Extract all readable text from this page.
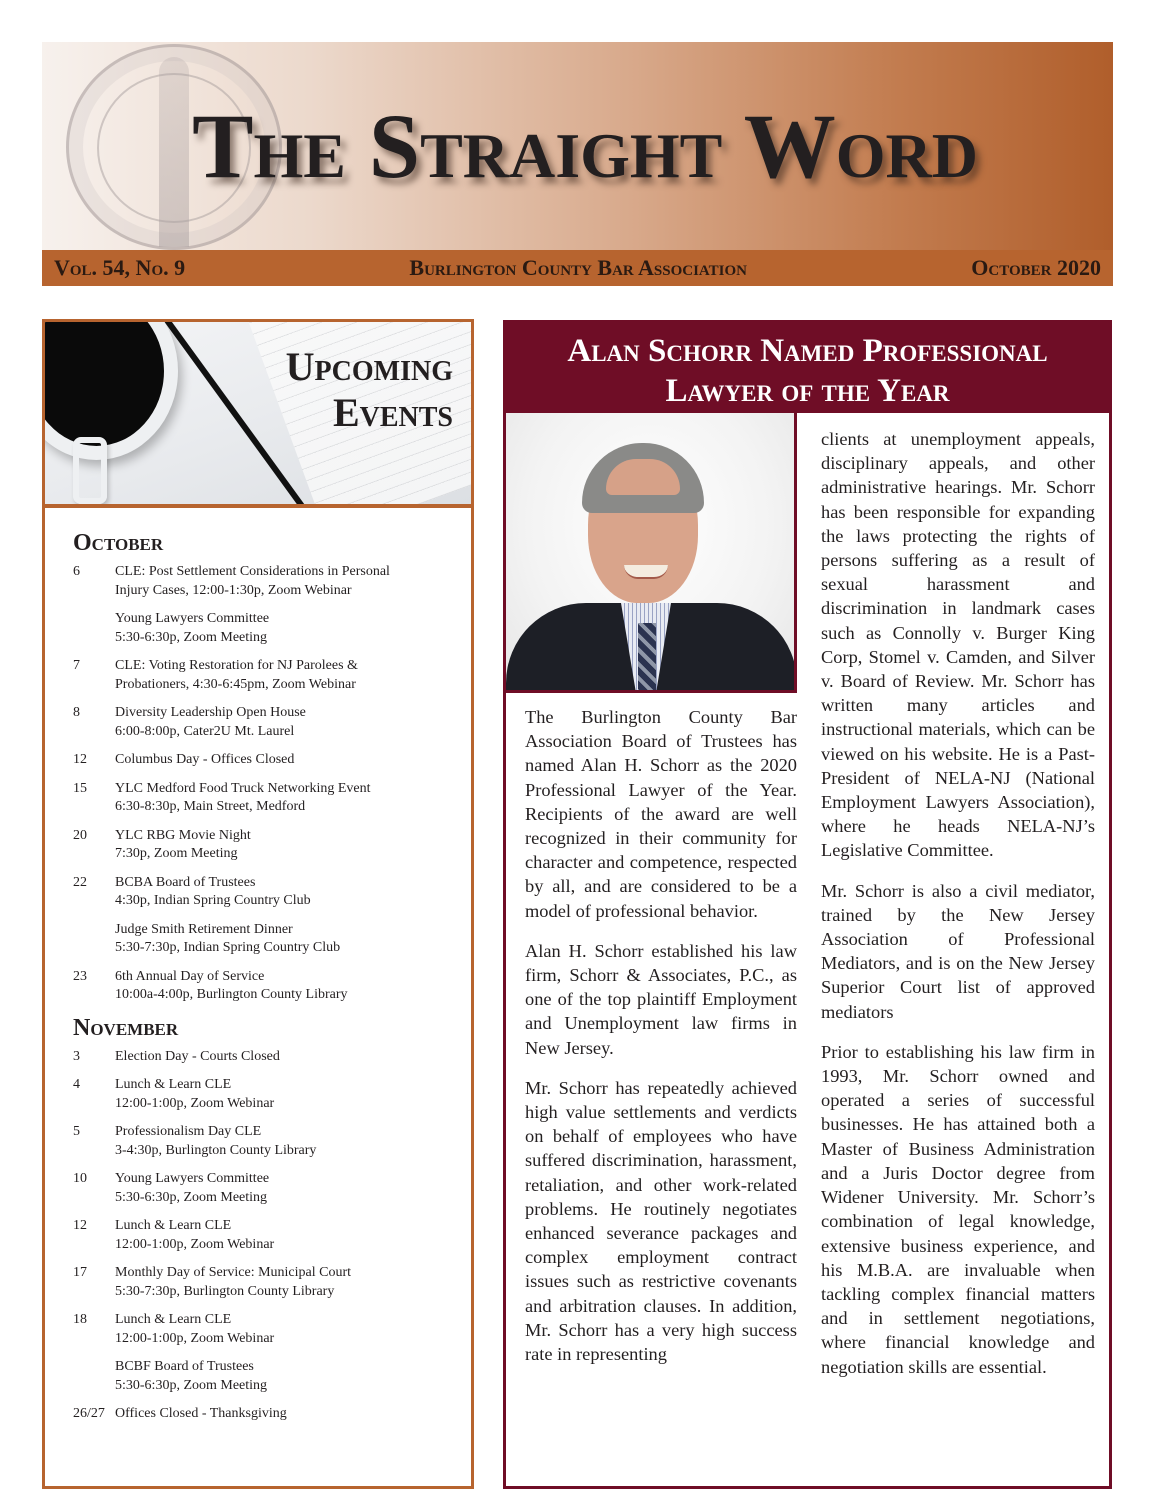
The Straight Word
Vol. 54, No. 9	Burlington County Bar Association	October 2020
Upcoming
Events
October
6	CLE: Post Settlement Considerations in Personal
Injury Cases, 12:00-1:30p, Zoom Webinar
Young Lawyers Committee
5:30-6:30p, Zoom Meeting
7	CLE: Voting Restoration for NJ Parolees &
Probationers, 4:30-6:45pm, Zoom Webinar
8	Diversity Leadership Open House
6:00-8:00p, Cater2U Mt. Laurel
12	Columbus Day - Offices Closed
15	YLC Medford Food Truck Networking Event
6:30-8:30p, Main Street, Medford
20	YLC RBG Movie Night
7:30p, Zoom Meeting
22	BCBA Board of Trustees
4:30p, Indian Spring Country Club
Judge Smith Retirement Dinner
5:30-7:30p, Indian Spring Country Club
23	6th Annual Day of Service
10:00a-4:00p, Burlington County Library
November
3	Election Day - Courts Closed
4	Lunch & Learn CLE
12:00-1:00p, Zoom Webinar
5	Professionalism Day CLE
3-4:30p, Burlington County Library
10	Young Lawyers Committee
5:30-6:30p, Zoom Meeting
12	Lunch & Learn CLE
12:00-1:00p, Zoom Webinar
17	Monthly Day of Service: Municipal Court
5:30-7:30p, Burlington County Library
18	Lunch & Learn CLE
12:00-1:00p, Zoom Webinar
BCBF Board of Trustees
5:30-6:30p, Zoom Meeting
26/27 Offices Closed - Thanksgiving
Alan Schorr Named Professional
Lawyer of the Year

The Burlington County Bar Association Board of Trustees has named Alan H. Schorr as the 2020 Professional Lawyer of the Year. Recipients of the award are well recognized in their community for character and competence, respected by all, and are considered to be a model of professional behavior.

Alan H. Schorr established his law firm, Schorr & Associates, P.C., as one of the top plaintiff Employment and Unemployment law firms in New Jersey.

Mr. Schorr has repeatedly achieved high value settlements and verdicts on behalf of employees who have suffered discrimination, harassment, retaliation, and other work-related problems. He routinely negotiates enhanced severance packages and complex employment contract issues such as restrictive covenants and arbitration clauses. In addition, Mr. Schorr has a very high success rate in representing

clients at unemployment appeals, disciplinary appeals, and other administrative hearings. Mr. Schorr has been responsible for expanding the laws protecting the rights of persons suffering as a result of sexual harassment and discrimination in landmark cases such as Connolly v. Burger King Corp, Stomel v. Camden, and Silver v. Board of Review. Mr. Schorr has written many articles and instructional materials, which can be viewed on his website. He is a Past-President of NELA-NJ (National Employment Lawyers Association), where he heads NELA-NJ’s Legislative Committee.

Mr. Schorr is also a civil mediator, trained by the New Jersey Association of Professional Mediators, and is on the New Jersey Superior Court list of approved mediators

Prior to establishing his law firm in 1993, Mr. Schorr owned and operated a series of successful businesses. He has attained both a Master of Business Administration and a Juris Doctor degree from Widener University. Mr. Schorr’s combination of legal knowledge, extensive business experience, and his M.B.A. are invaluable when tackling complex financial matters and in settlement negotiations, where financial knowledge and negotiation skills are essential.
